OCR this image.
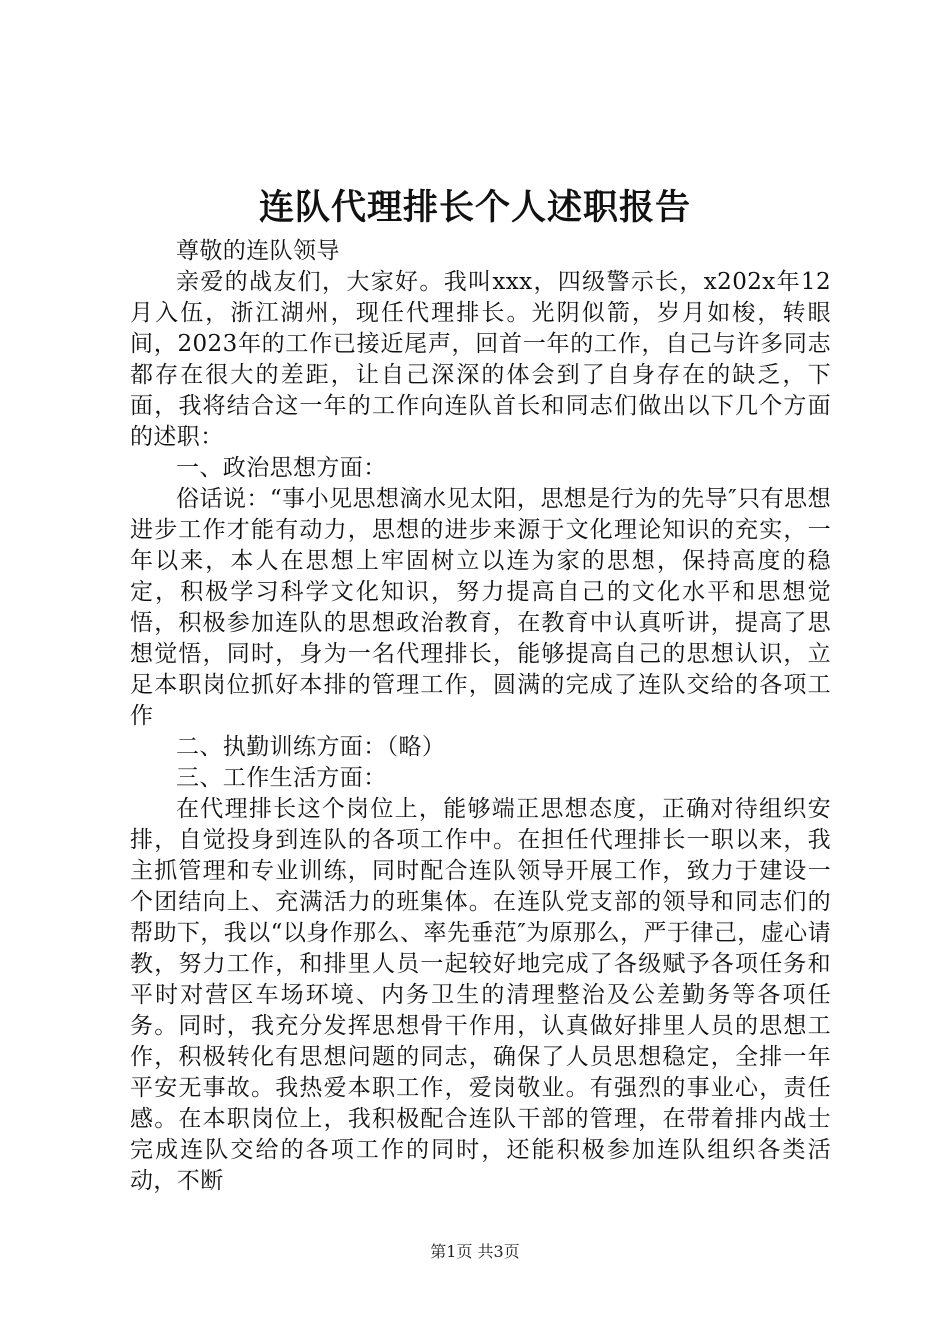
连队代理排长个人述职报告

尊敬的连队领导

亲爱的战友们，大家好。我叫xxx，四级警示长，x202x年12月入伍，浙江湖州，现任代理排长。光阴似箭，岁月如梭，转眼间，2023年的工作已接近尾声，回首一年的工作，自己与许多同志都存在很大的差距，让自己深深的体会到了自身存在的缺乏，下面，我将结合这一年的工作向连队首长和同志们做出以下几个方面的述职：

一、政治思想方面：

俗话说：“事小见思想滴水见太阳，思想是行为的先导″只有思想进步工作才能有动力，思想的进步来源于文化理论知识的充实，一年以来，本人在思想上牢固树立以连为家的思想，保持高度的稳定，积极学习科学文化知识，努力提高自己的文化水平和思想觉悟，积极参加连队的思想政治教育，在教育中认真听讲，提高了思想觉悟，同时，身为一名代理排长，能够提高自己的思想认识，立足本职岗位抓好本排的管理工作，圆满的完成了连队交给的各项工作

二、执勤训练方面：（略）

三、工作生活方面：

在代理排长这个岗位上，能够端正思想态度，正确对待组织安排，自觉投身到连队的各项工作中。在担任代理排长一职以来，我主抓管理和专业训练，同时配合连队领导开展工作，致力于建设一个团结向上、充满活力的班集体。在连队党支部的领导和同志们的帮助下，我以“以身作那么、率先垂范″为原那么，严于律己，虚心请教，努力工作，和排里人员一起较好地完成了各级赋予各项任务和平时对营区车场环境、内务卫生的清理整治及公差勤务等各项任务。同时，我充分发挥思想骨干作用，认真做好排里人员的思想工作，积极转化有思想问题的同志，确保了人员思想稳定，全排一年平安无事故。我热爱本职工作，爱岗敬业。有强烈的事业心，责任感。在本职岗位上，我积极配合连队干部的管理，在带着排内战士完成连队交给的各项工作的同时，还能积极参加连队组织各类活动，不断

第1页 共3页
